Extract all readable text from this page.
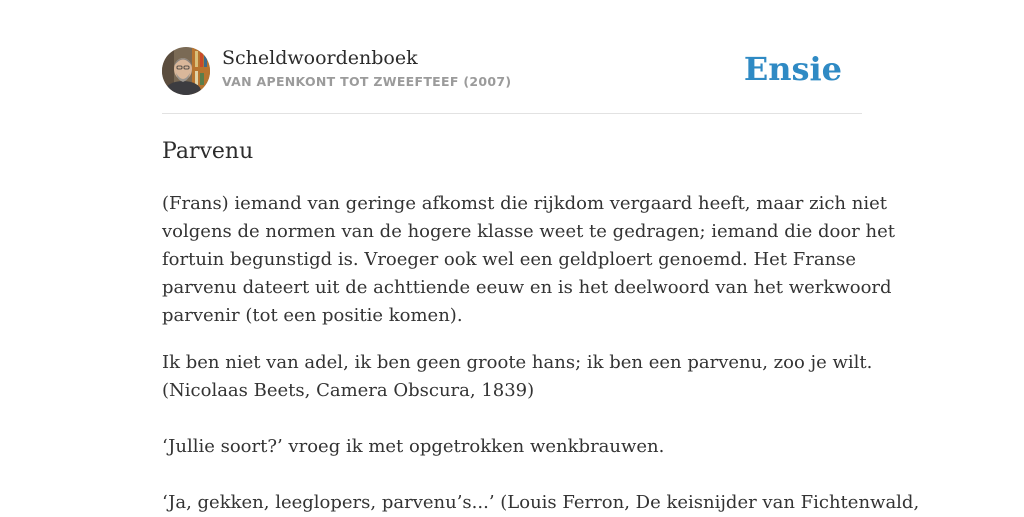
Scheldwoordenboek
VAN APENKONT TOT ZWEEFTEEF (2007)	Ensie
Parvenu
(Frans) iemand van geringe afkomst die rijkdom vergaard heeft, maar zich niet
volgens de normen van de hogere klasse weet te gedragen; iemand die door het
fortuin begunstigd is. Vroeger ook wel een geldploert genoemd. Het Franse
parvenu dateert uit de achttiende eeuw en is het deelwoord van het werkwoord
parvenir (tot een positie komen).
Ik ben niet van adel, ik ben geen groote hans; ik ben een parvenu, zoo je wilt.
(Nicolaas Beets, Camera Obscura, 1839)
‘Jullie soort?’ vroeg ik met opgetrokken wenkbrauwen.
‘Ja, gekken, leeglopers, parvenu’s...’ (Louis Ferron, De keisnijder van Fichtenwald,
